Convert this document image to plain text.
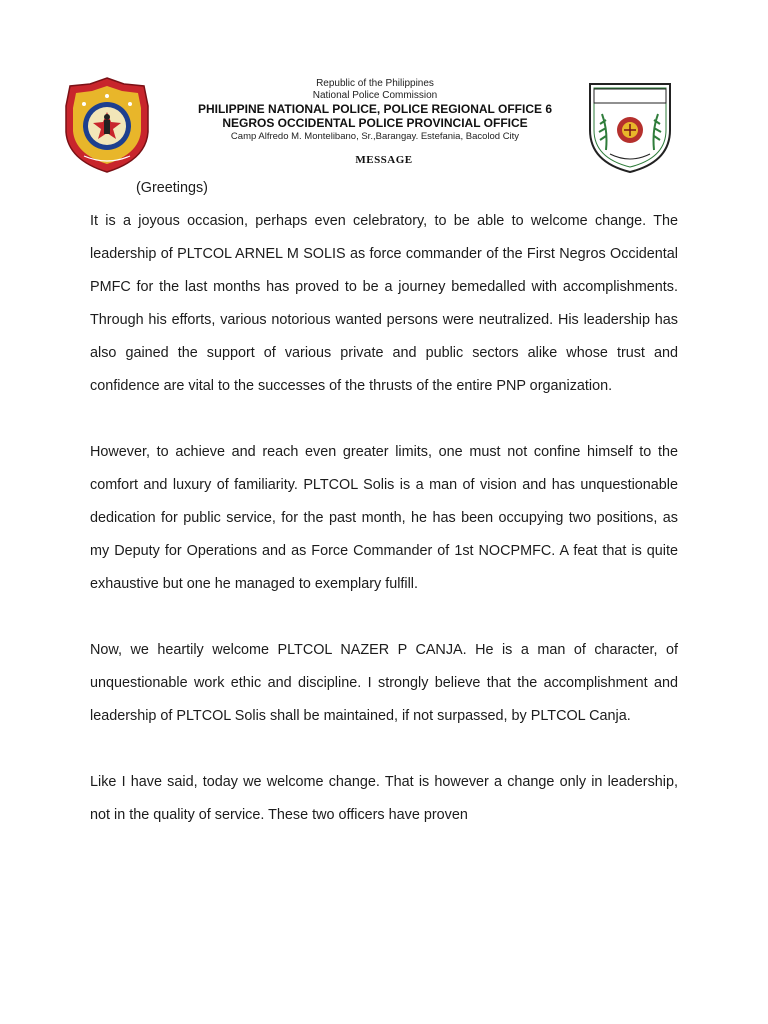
Republic of the Philippines
National Police Commission
PHILIPPINE NATIONAL POLICE, POLICE REGIONAL OFFICE 6
NEGROS OCCIDENTAL POLICE PROVINCIAL OFFICE
Camp Alfredo M. Montelibano, Sr.,Barangay. Estefania, Bacolod City
MESSAGE

(Greetings)

It is a joyous occasion, perhaps even celebratory, to be able to welcome change. The leadership of PLTCOL ARNEL M SOLIS as force commander of the First Negros Occidental PMFC for the last months has proved to be a journey bemedalled with accomplishments. Through his efforts, various notorious wanted persons were neutralized. His leadership has also gained the support of various private and public sectors alike whose trust and confidence are vital to the successes of the thrusts of the entire PNP organization.

However, to achieve and reach even greater limits, one must not confine himself to the comfort and luxury of familiarity. PLTCOL Solis is a man of vision and has unquestionable dedication for public service, for the past month, he has been occupying two positions, as my Deputy for Operations and as Force Commander of 1st NOCPMFC. A feat that is quite exhaustive but one he managed to exemplary fulfill.

Now, we heartily welcome PLTCOL NAZER P CANJA. He is a man of character, of unquestionable work ethic and discipline. I strongly believe that the accomplishment and leadership of PLTCOL Solis shall be maintained, if not surpassed, by PLTCOL Canja.

Like I have said, today we welcome change. That is however a change only in leadership, not in the quality of service. These two officers have proven
